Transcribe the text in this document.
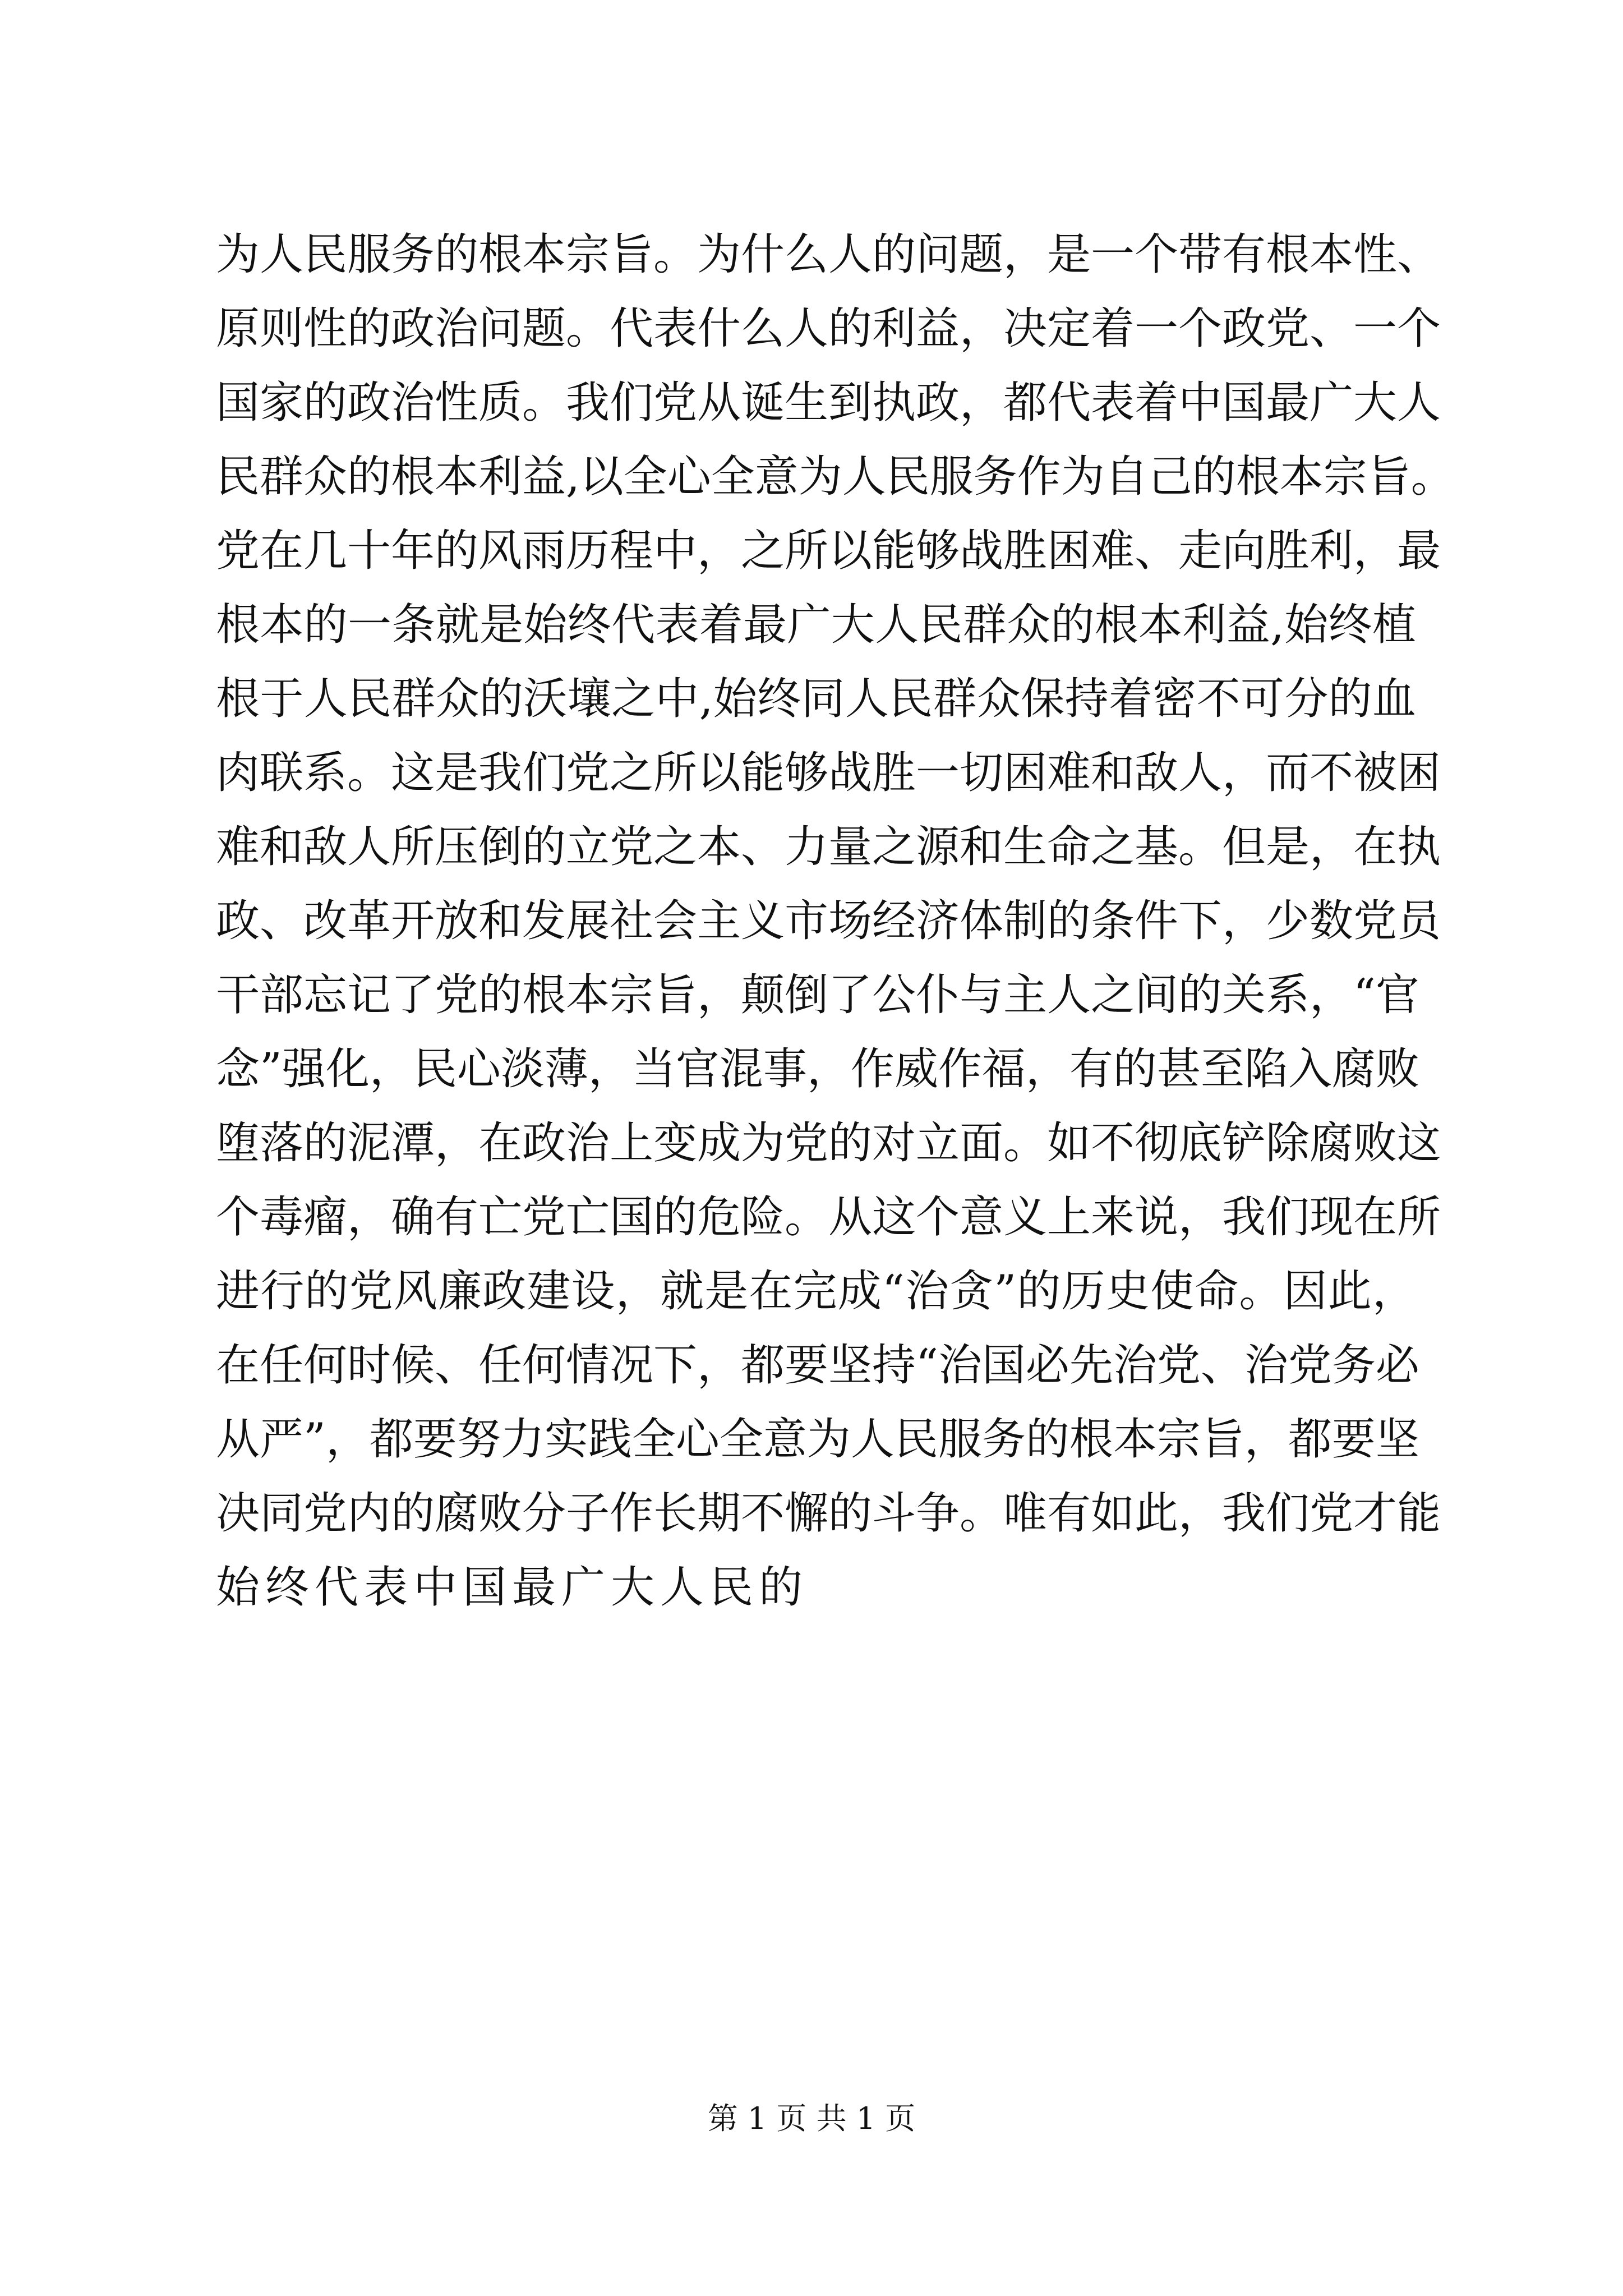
为人民服务的根本宗旨。为什么人的问题，是一个带有根本性、
原则性的政治问题。代表什么人的利益，决定着一个政党、一个
国家的政治性质。我们党从诞生到执政，都代表着中国最广大人
民群众的根本利益,以全心全意为人民服务作为自己的根本宗旨。
党在几十年的风雨历程中，之所以能够战胜困难、走向胜利，最
根本的一条就是始终代表着最广大人民群众的根本利益,始终植
根于人民群众的沃壤之中,始终同人民群众保持着密不可分的血
肉联系。这是我们党之所以能够战胜一切困难和敌人，而不被困
难和敌人所压倒的立党之本、力量之源和生命之基。但是，在执
政、改革开放和发展社会主义市场经济体制的条件下，少数党员
干部忘记了党的根本宗旨，颠倒了公仆与主人之间的关系，“官
念”强化，民心淡薄，当官混事，作威作福，有的甚至陷入腐败
堕落的泥潭，在政治上变成为党的对立面。如不彻底铲除腐败这
个毒瘤，确有亡党亡国的危险。从这个意义上来说，我们现在所
进行的党风廉政建设，就是在完成“治贪”的历史使命。因此，
在任何时候、任何情况下，都要坚持“治国必先治党、治党务必
从严”，都要努力实践全心全意为人民服务的根本宗旨，都要坚
决同党内的腐败分子作长期不懈的斗争。唯有如此，我们党才能
始终代表中国最广大人民的
第 1 页 共 1 页
